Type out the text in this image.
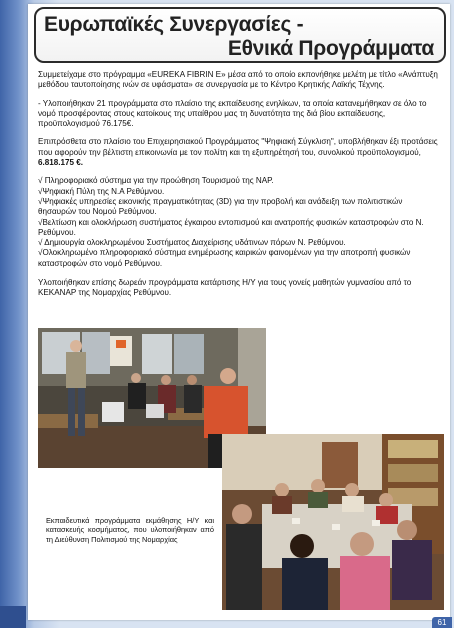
Ευρωπαϊκές Συνεργασίες -
Εθνικά Προγράμματα

Συμμετείχαμε στο πρόγραμμα «EUREKA FIBRIN E» μέσα από το οποίο εκπονήθηκε μελέτη με τίτλο «Ανάπτυξη μεθόδου ταυτοποίησης ινών σε υφάσματα» σε συνεργασία με το Κέντρο Κρητικής Λαϊκής Τέχνης.

- Υλοποιήθηκαν 21 προγράμματα στο πλαίσιο της εκπαίδευσης ενηλίκων, τα οποία κατανεμήθηκαν σε όλο το νομό προσφέροντας στους κατοίκους της υπαίθρου μας τη δυνατότητα της διά βίου εκπαίδευσης, προϋπολογισμού 76.175€.

Επιπρόσθετα στο πλαίσιο του Επιχειρησιακού Προγράμματος "Ψηφιακή Σύγκλιση", υποβλήθηκαν έξι προτάσεις που αφορούν την βέλτιστη επικοινωνία με τον πολίτη και τη εξυπηρέτησή του, συνολικού προϋπολογισμού, 6.818.175 €.

√ Πληροφοριακό σύστημα για την προώθηση Τουρισμού της ΝΑΡ.
√Ψηφιακή Πύλη της Ν.Α Ρεθύμνου.
√Ψηφιακές υπηρεσίες εικονικής πραγματικότητας (3D) για την προβολή και ανάδειξη των πολιτιστικών θησαυρών του Νομού Ρεθύμνου.
√Βελτίωση και ολοκλήρωση συστήματος έγκαιρου εντοπισμού και ανατροπής φυσικών καταστροφών στο Ν. Ρεθύμνου.
√ Δημιουργία ολοκληρωμένου Συστήματος Διαχείρισης υδάτινων πόρων Ν. Ρεθύμνου.
√Ολοκληρωμένο πληροφοριακό σύστημα ενημέρωσης καιρικών φαινομένων για την αποτροπή φυσικών καταστροφών στο νομό Ρεθύμνου.

Υλοποιήθηκαν επίσης δωρεάν προγράμματα κατάρτισης Η/Υ για τους γονείς μαθητών γυμνασίου από το ΚΕΚΑΝΑΡ της Νομαρχίας Ρεθύμνου.

Εκπαιδευτικά προγράμματα εκμάθησης Η/Υ και κατασκευής κοσμήματος, που υλοποιήθηκαν από τη Διεύθυνση Πολιτισμού της Νομαρχίας
61
